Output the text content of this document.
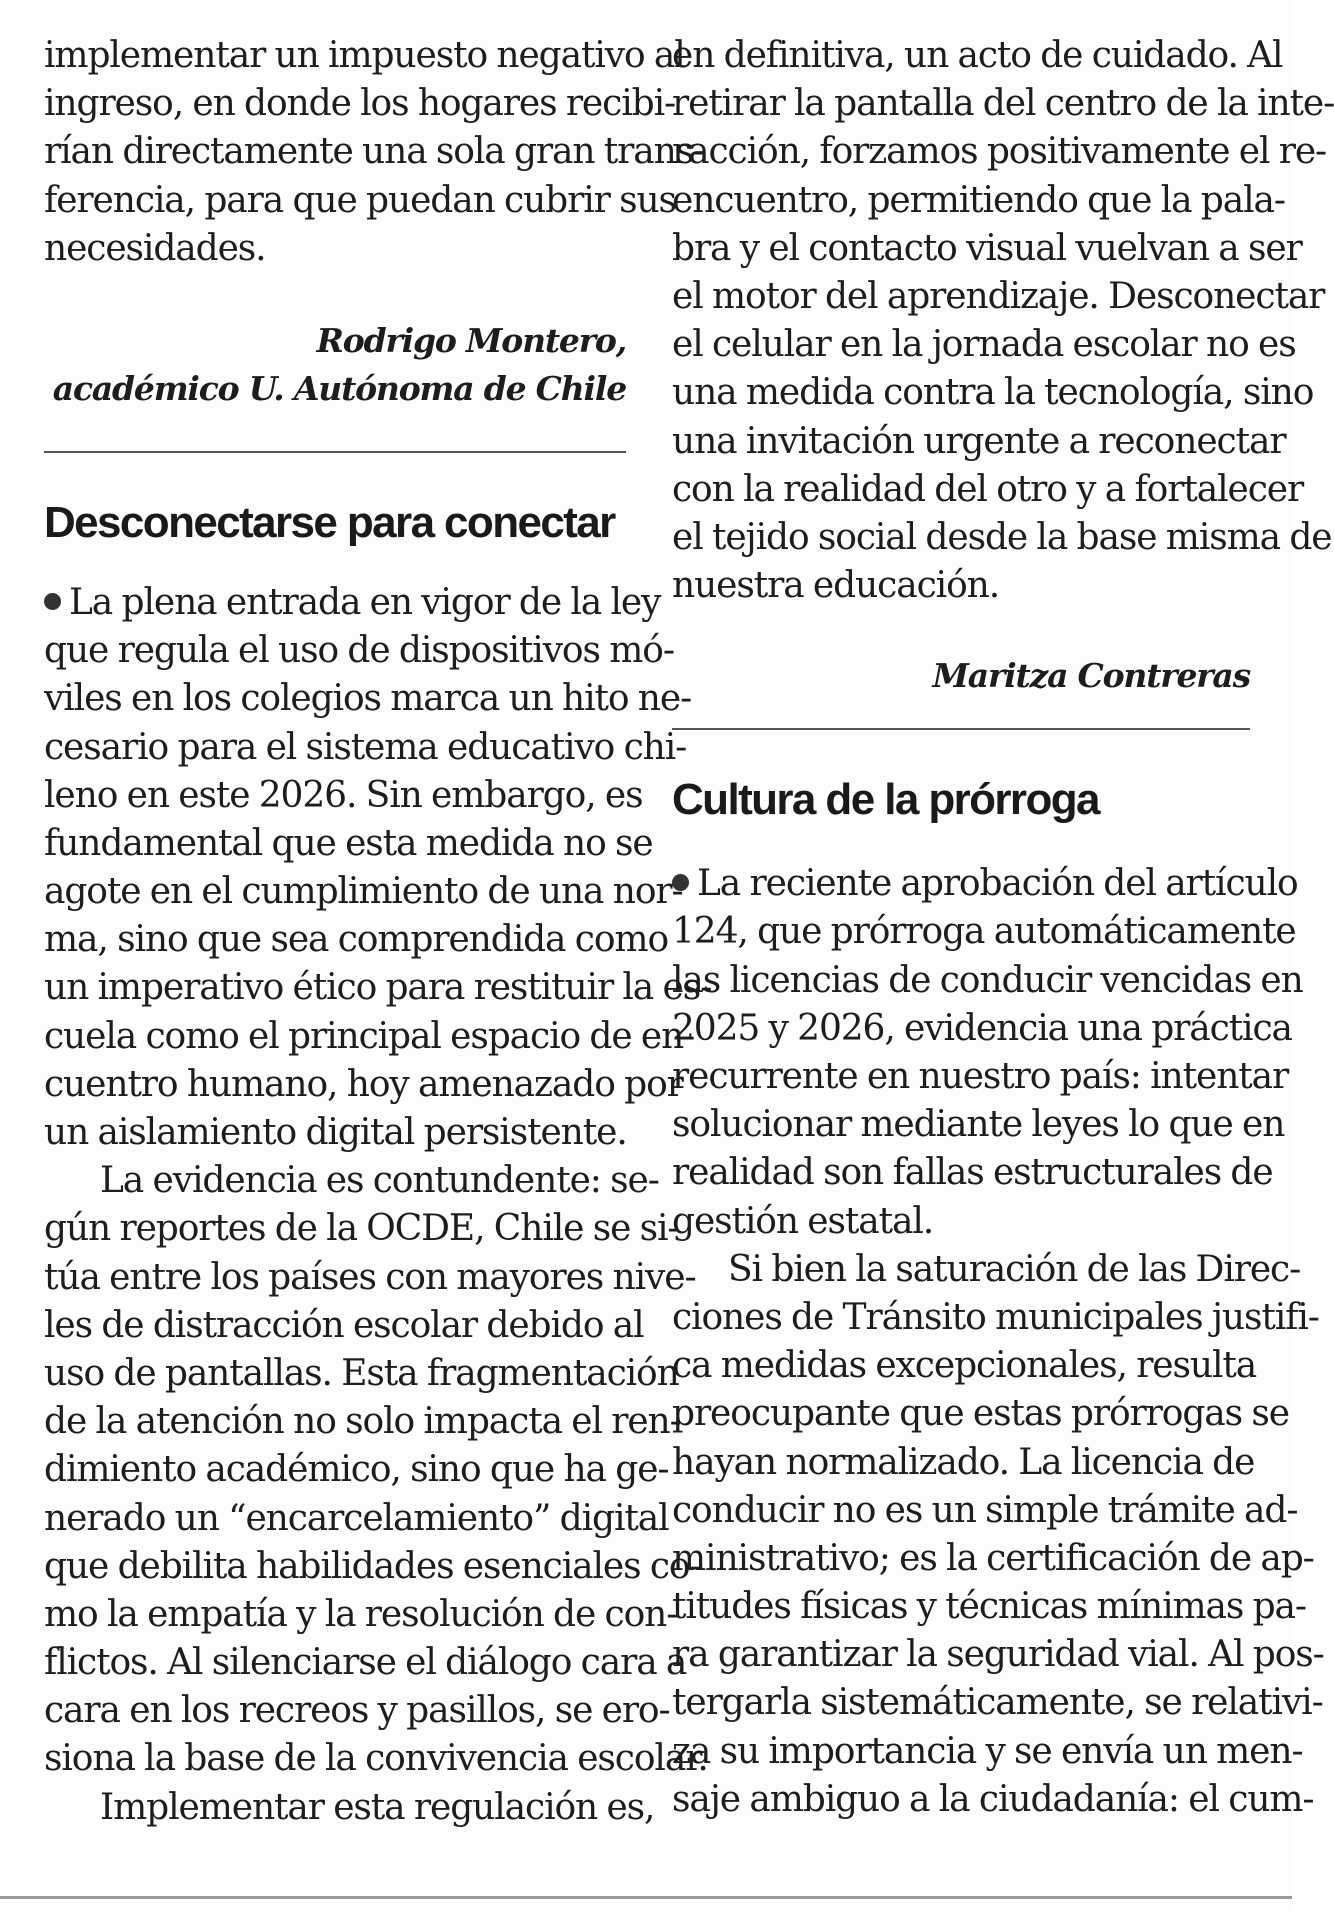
implementar un impuesto negativo al
ingreso, en donde los hogares recibi-
rían directamente una sola gran trans-
ferencia, para que puedan cubrir sus
necesidades.
Rodrigo Montero,
académico U. Autónoma de Chile
Desconectarse para conectar
La plena entrada en vigor de la ley
que regula el uso de dispositivos mó-
viles en los colegios marca un hito ne-
cesario para el sistema educativo chi-
leno en este 2026. Sin embargo, es
fundamental que esta medida no se
agote en el cumplimiento de una nor-
ma, sino que sea comprendida como
un imperativo ético para restituir la es-
cuela como el principal espacio de en-
cuentro humano, hoy amenazado por
un aislamiento digital persistente.
La evidencia es contundente: se-
gún reportes de la OCDE, Chile se si-
túa entre los países con mayores nive-
les de distracción escolar debido al
uso de pantallas. Esta fragmentación
de la atención no solo impacta el ren-
dimiento académico, sino que ha ge-
nerado un “encarcelamiento” digital
que debilita habilidades esenciales co-
mo la empatía y la resolución de con-
flictos. Al silenciarse el diálogo cara a
cara en los recreos y pasillos, se ero-
siona la base de la convivencia escolar.
Implementar esta regulación es,
en definitiva, un acto de cuidado. Al
retirar la pantalla del centro de la inte-
racción, forzamos positivamente el re-
encuentro, permitiendo que la pala-
bra y el contacto visual vuelvan a ser
el motor del aprendizaje. Desconectar
el celular en la jornada escolar no es
una medida contra la tecnología, sino
una invitación urgente a reconectar
con la realidad del otro y a fortalecer
el tejido social desde la base misma de
nuestra educación.
Maritza Contreras
Cultura de la prórroga
La reciente aprobación del artículo
124, que prórroga automáticamente
las licencias de conducir vencidas en
2025 y 2026, evidencia una práctica
recurrente en nuestro país: intentar
solucionar mediante leyes lo que en
realidad son fallas estructurales de
gestión estatal.
Si bien la saturación de las Direc-
ciones de Tránsito municipales justifi-
ca medidas excepcionales, resulta
preocupante que estas prórrogas se
hayan normalizado. La licencia de
conducir no es un simple trámite ad-
ministrativo; es la certificación de ap-
titudes físicas y técnicas mínimas pa-
ra garantizar la seguridad vial. Al pos-
tergarla sistemáticamente, se relativi-
za su importancia y se envía un men-
saje ambiguo a la ciudadanía: el cum-
